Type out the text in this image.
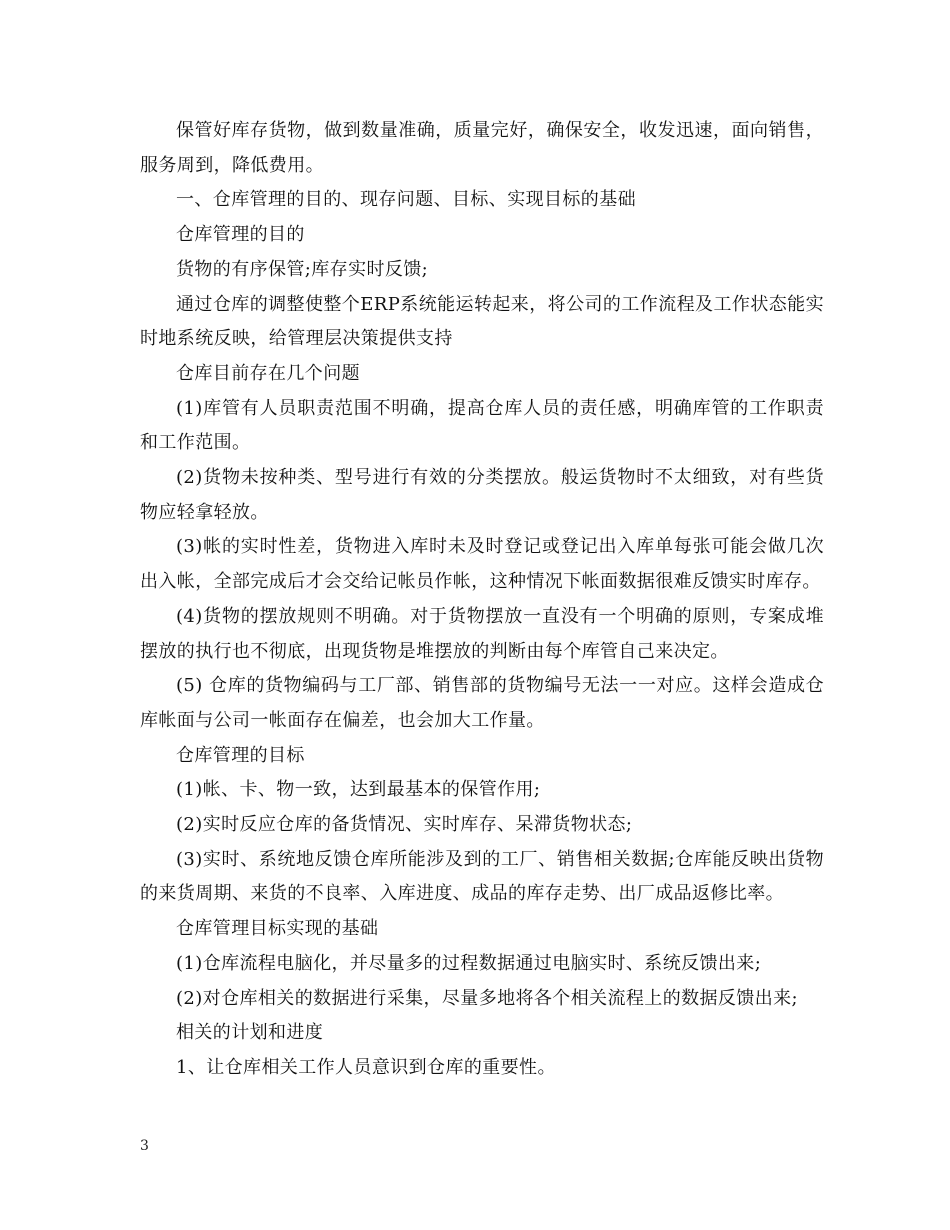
保管好库存货物，做到数量准确，质量完好，确保安全，收发迅速，面向销售，服务周到，降低费用。

一、仓库管理的目的、现存问题、目标、实现目标的基础

仓库管理的目的

货物的有序保管;库存实时反馈;

通过仓库的调整使整个ERP系统能运转起来，将公司的工作流程及工作状态能实时地系统反映，给管理层决策提供支持

仓库目前存在几个问题

(1)库管有人员职责范围不明确，提高仓库人员的责任感，明确库管的工作职责和工作范围。

(2)货物未按种类、型号进行有效的分类摆放。般运货物时不太细致，对有些货物应轻拿轻放。

(3)帐的实时性差，货物进入库时未及时登记或登记出入库单每张可能会做几次出入帐，全部完成后才会交给记帐员作帐，这种情况下帐面数据很难反馈实时库存。

(4)货物的摆放规则不明确。对于货物摆放一直没有一个明确的原则，专案成堆摆放的执行也不彻底，出现货物是堆摆放的判断由每个库管自己来决定。

(5) 仓库的货物编码与工厂部、销售部的货物编号无法一一对应。这样会造成仓库帐面与公司一帐面存在偏差，也会加大工作量。

仓库管理的目标

(1)帐、卡、物一致，达到最基本的保管作用;

(2)实时反应仓库的备货情况、实时库存、呆滞货物状态;

(3)实时、系统地反馈仓库所能涉及到的工厂、销售相关数据;仓库能反映出货物的来货周期、来货的不良率、入库进度、成品的库存走势、出厂成品返修比率。

仓库管理目标实现的基础

(1)仓库流程电脑化，并尽量多的过程数据通过电脑实时、系统反馈出来;

(2)对仓库相关的数据进行采集，尽量多地将各个相关流程上的数据反馈出来;

相关的计划和进度

1、让仓库相关工作人员意识到仓库的重要性。

3
